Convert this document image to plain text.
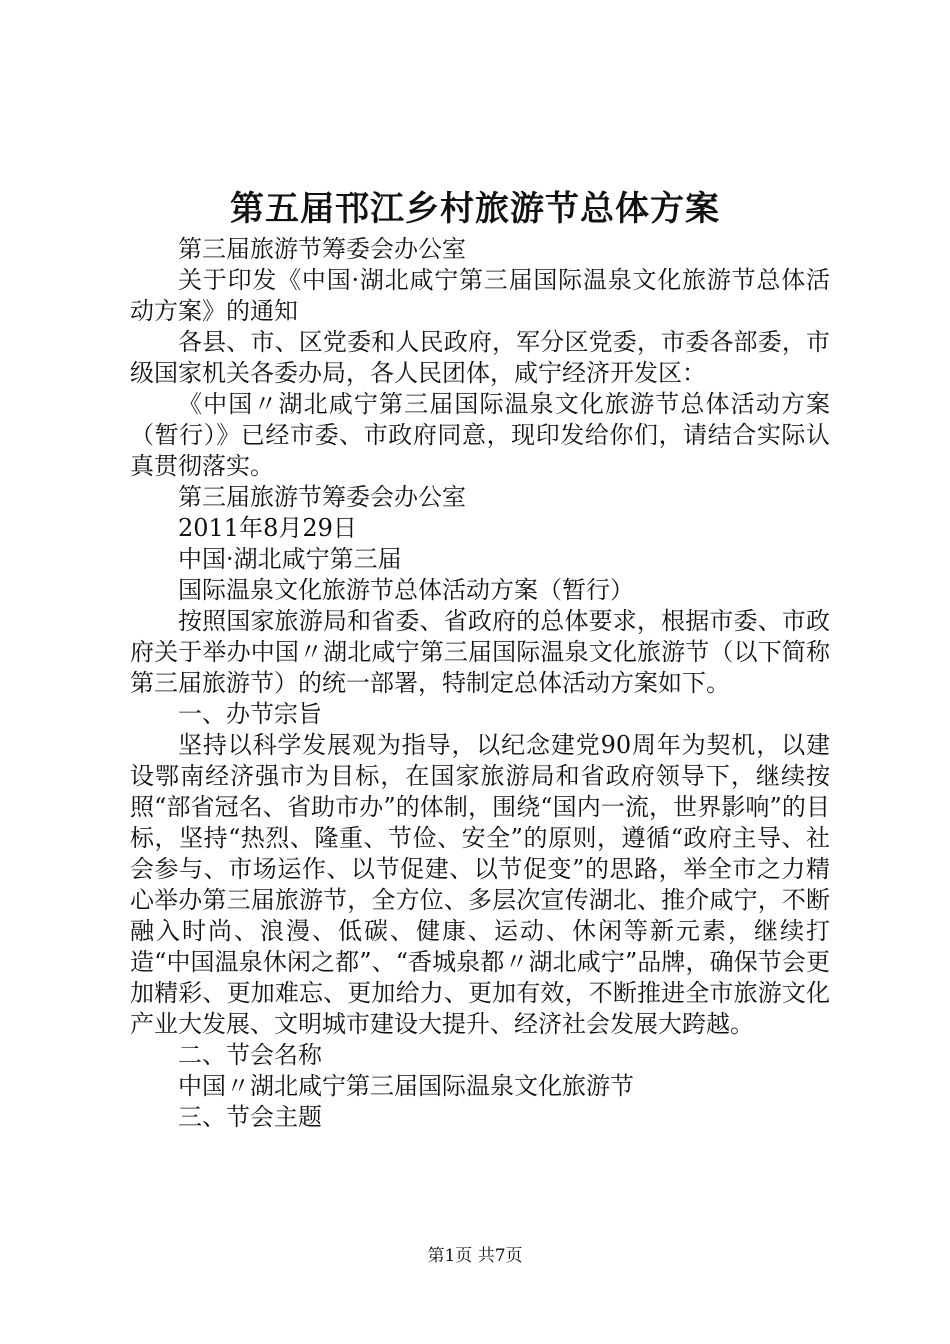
第五届邗江乡村旅游节总体方案

第三届旅游节筹委会办公室

关于印发《中国·湖北咸宁第三届国际温泉文化旅游节总体活动方案》的通知

各县、市、区党委和人民政府，军分区党委，市委各部委，市级国家机关各委办局，各人民团体，咸宁经济开发区：

《中国〃湖北咸宁第三届国际温泉文化旅游节总体活动方案（暂行）》已经市委、市政府同意，现印发给你们，请结合实际认真贯彻落实。

第三届旅游节筹委会办公室

2011年8月29日

中国·湖北咸宁第三届

国际温泉文化旅游节总体活动方案（暂行）

按照国家旅游局和省委、省政府的总体要求，根据市委、市政府关于举办中国〃湖北咸宁第三届国际温泉文化旅游节（以下简称第三届旅游节）的统一部署，特制定总体活动方案如下。

一、办节宗旨

坚持以科学发展观为指导，以纪念建党90周年为契机，以建设鄂南经济强市为目标，在国家旅游局和省政府领导下，继续按照“部省冠名、省助市办”的体制，围绕“国内一流，世界影响”的目标，坚持“热烈、隆重、节俭、安全”的原则，遵循“政府主导、社会参与、市场运作、以节促建、以节促变”的思路，举全市之力精心举办第三届旅游节，全方位、多层次宣传湖北、推介咸宁，不断融入时尚、浪漫、低碳、健康、运动、休闲等新元素，继续打造“中国温泉休闲之都”、“香城泉都〃湖北咸宁”品牌，确保节会更加精彩、更加难忘、更加给力、更加有效，不断推进全市旅游文化产业大发展、文明城市建设大提升、经济社会发展大跨越。

二、节会名称

中国〃湖北咸宁第三届国际温泉文化旅游节

三、节会主题

第1页 共7页
